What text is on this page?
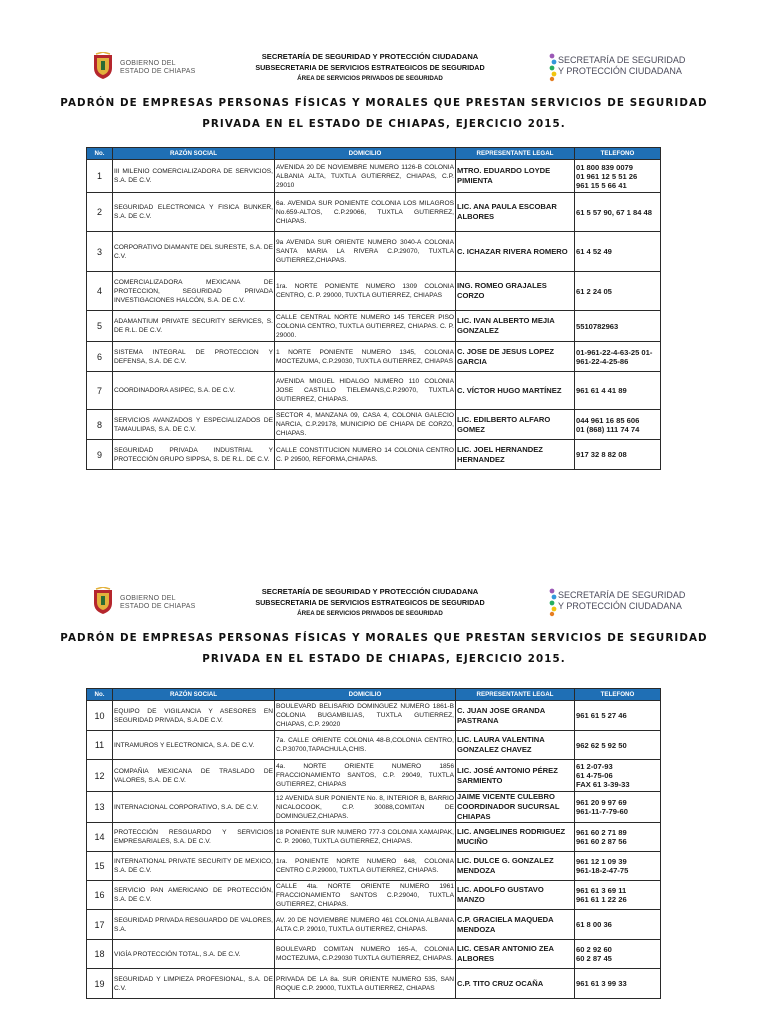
GOBIERNO DEL
ESTADO DE CHIAPAS
SECRETARÍA DE SEGURIDAD Y PROTECCIÓN CIUDADANA
SUBSECRETARIA DE SERVICIOS ESTRATEGICOS DE SEGURIDAD
ÁREA DE SERVICIOS PRIVADOS DE SEGURIDAD
SECRETARÍA DE SEGURIDAD
Y PROTECCIÓN CIUDADANA
PADRÓN DE EMPRESAS PERSONAS FÍSICAS Y MORALES QUE PRESTAN SERVICIOS DE SEGURIDAD
PRIVADA EN EL ESTADO DE CHIAPAS, EJERCICIO 2015.
No.	RAZÓN SOCIAL	DOMICILIO	REPRESENTANTE LEGAL	TELEFONO
1	III MILENIO COMERCIALIZADORA DE SERVICIOS, S.A. DE C.V.	AVENIDA 20 DE NOVIEMBRE NUMERO 1126-B COLONIA ALBANIA ALTA, TUXTLA GUTIERREZ, CHIAPAS, C.P. 29010	MTRO. EDUARDO LOYDE PIMIENTA	01 800 839 0079
01 961 12 5 51 26
961 15 5 66 41
2	SEGURIDAD ELECTRONICA Y FISICA BUNKER, S.A. DE C.V.	6a. AVENIDA SUR PONIENTE COLONIA LOS MILAGROS No.659-ALTOS, C.P.29066, TUXTLA GUTIERREZ, CHIAPAS.	LIC. ANA PAULA ESCOBAR ALBORES	61 5 57 90, 67 1 84 48
3	CORPORATIVO DIAMANTE DEL SURESTE, S.A. DE C.V.	9a AVENIDA SUR ORIENTE NUMERO 3040-A COLONIA SANTA MARIA LA RIVERA C.P.29070, TUXTLA GUTIERREZ,CHIAPAS.	C. ICHAZAR RIVERA ROMERO	61 4 52 49
4	COMERCIALIZADORA MEXICANA DE PROTECCION, SEGURIDAD PRIVADA INVESTIGACIONES HALCÓN, S.A. DE C.V.	1ra. NORTE PONIENTE NUMERO 1309 COLONIA CENTRO, C. P. 29000, TUXTLA GUTIERREZ, CHIAPAS	ING. ROMEO GRAJALES CORZO	61 2 24 05
5	ADAMANTIUM PRIVATE SECURITY SERVICES, S. DE R.L. DE C.V.	CALLE CENTRAL NORTE NUMERO 145 TERCER PISO COLONIA CENTRO, TUXTLA GUTIERREZ, CHIAPAS. C. P. 29000.	LIC. IVAN ALBERTO MEJIA GONZALEZ	5510782963
6	SISTEMA INTEGRAL DE PROTECCION Y DEFENSA, S.A. DE C.V.	1 NORTE PONIENTE NUMERO 1345, COLONIA MOCTEZUMA, C.P.29030, TUXTLA GUTIERREZ, CHIAPAS	C. JOSE DE JESUS LOPEZ GARCIA	01-961-22-4-63-25 01-961-22-4-25-86
7	COORDINADORA ASIPEC, S.A. DE C.V.	AVENIDA MIGUEL HIDALGO NUMERO 110 COLONIA JOSE CASTILLO TIELEMANS,C.P.29070, TUXTLA GUTIERREZ, CHIAPAS.	C. VÍCTOR HUGO MARTÍNEZ	961 61 4 41 89
8	SERVICIOS AVANZADOS Y ESPECIALIZADOS DE TAMAULIPAS, S.A. DE C.V.	SECTOR 4, MANZANA 09, CASA 4, COLONIA GALECIO NARCIA, C.P.29178, MUNICIPIO DE CHIAPA DE CORZO, CHIAPAS.	LIC. EDILBERTO ALFARO GOMEZ	044 961 16 85 606
01 (868) 111 74 74
9	SEGURIDAD PRIVADA INDUSTRIAL Y PROTECCIÓN GRUPO SIPPSA, S. DE R.L. DE C.V.	CALLE CONSTITUCION NUMERO 14 COLONIA CENTRO C. P 29500, REFORMA,CHIAPAS.	LIC. JOEL HERNANDEZ HERNANDEZ	917 32 8 82 08
GOBIERNO DEL
ESTADO DE CHIAPAS
SECRETARÍA DE SEGURIDAD Y PROTECCIÓN CIUDADANA
SUBSECRETARIA DE SERVICIOS ESTRATEGICOS DE SEGURIDAD
ÁREA DE SERVICIOS PRIVADOS DE SEGURIDAD
SECRETARÍA DE SEGURIDAD
Y PROTECCIÓN CIUDADANA
PADRÓN DE EMPRESAS PERSONAS FÍSICAS Y MORALES QUE PRESTAN SERVICIOS DE SEGURIDAD
PRIVADA EN EL ESTADO DE CHIAPAS, EJERCICIO 2015.
No.	RAZÓN SOCIAL	DOMICILIO	REPRESENTANTE LEGAL	TELEFONO
10	EQUIPO DE VIGILANCIA Y ASESORES EN SEGURIDAD PRIVADA, S.A.DE C.V.	BOULEVARD BELISARIO DOMINGUEZ NUMERO 1861-B COLONIA BUGAMBILIAS, TUXTLA GUTIERREZ, CHIAPAS, C.P. 29020	C. JUAN JOSE GRANDA PASTRANA	961 61 5 27 46
11	INTRAMUROS Y ELECTRONICA, S.A. DE C.V.	7a. CALLE ORIENTE COLONIA 48-B,COLONIA CENTRO, C.P.30700,TAPACHULA,CHIS.	LIC. LAURA VALENTINA GONZALEZ CHAVEZ	962 62 5 92 50
12	COMPAÑIA MEXICANA DE TRASLADO DE VALORES, S.A. DE C.V.	4a. NORTE ORIENTE NUMERO 1856 FRACCIONAMIENTO SANTOS, C.P. 29049, TUXTLA GUTIERREZ, CHIAPAS	LIC. JOSÉ ANTONIO PÉREZ SARMIENTO	61 2-07-93
61 4-75-06
FAX 61 3-39-33
13	INTERNACIONAL CORPORATIVO, S.A. DE C.V.	12 AVENIDA SUR PONIENTE No. 8, INTERIOR B, BARRIO NICALOCOOK, C.P. 30088,COMITAN DE DOMINGUEZ,CHIAPAS.	JAIME VICENTE CULEBRO COORDINADOR SUCURSAL CHIAPAS	961 20 9 97 69
961-11-7-79-60
14	PROTECCIÓN RESGUARDO Y SERVICIOS EMPRESARIALES, S.A. DE C.V.	18 PONIENTE SUR NUMERO 777-3 COLONIA XAMAIPAK, C. P. 29060, TUXTLA GUTIERREZ, CHIAPAS.	LIC. ANGELINES RODRIGUEZ MUCIÑO	961 60 2 71 89
961 60 2 87 56
15	INTERNATIONAL PRIVATE SECURITY DE MEXICO, S.A. DE C.V.	1ra. PONIENTE NORTE NUMERO 648, COLONIA CENTRO C.P.29000, TUXTLA GUTIERREZ, CHIAPAS.	LIC. DULCE G. GONZALEZ MENDOZA	961 12 1 09 39
961-18-2-47-75
16	SERVICIO PAN AMERICANO DE PROTECCIÓN, S.A. DE C.V.	CALLE 4ta. NORTE ORIENTE NUMERO 1961 FRACCIONAMIENTO SANTOS C.P.29040, TUXTLA GUTIERREZ, CHIAPAS.	LIC. ADOLFO GUSTAVO MANZO	961 61 3 69 11
961 61 1 22 26
17	SEGURIDAD PRIVADA RESGUARDO DE VALORES, S.A.	AV. 20 DE NOVIEMBRE NUMERO 461 COLONIA ALBANIA ALTA C.P. 29010, TUXTLA GUTIERREZ, CHIAPAS.	C.P. GRACIELA MAQUEDA MENDOZA	61 8 00 36
18	VIGÍA PROTECCIÓN TOTAL, S.A. DE C.V.	BOULEVARD COMITAN NUMERO 165-A, COLONIA MOCTEZUMA, C.P.29030 TUXTLA GUTIERREZ, CHIAPAS.	LIC. CESAR ANTONIO ZEA ALBORES	60 2 92 60
60 2 87 45
19	SEGURIDAD Y LIMPIEZA PROFESIONAL, S.A. DE C.V.	PRIVADA DE LA 8a. SUR ORIENTE NUMERO 535, SAN ROQUE C.P. 29000, TUXTLA GUTIERREZ, CHIAPAS	C.P. TITO CRUZ OCAÑA	961 61 3 99 33
